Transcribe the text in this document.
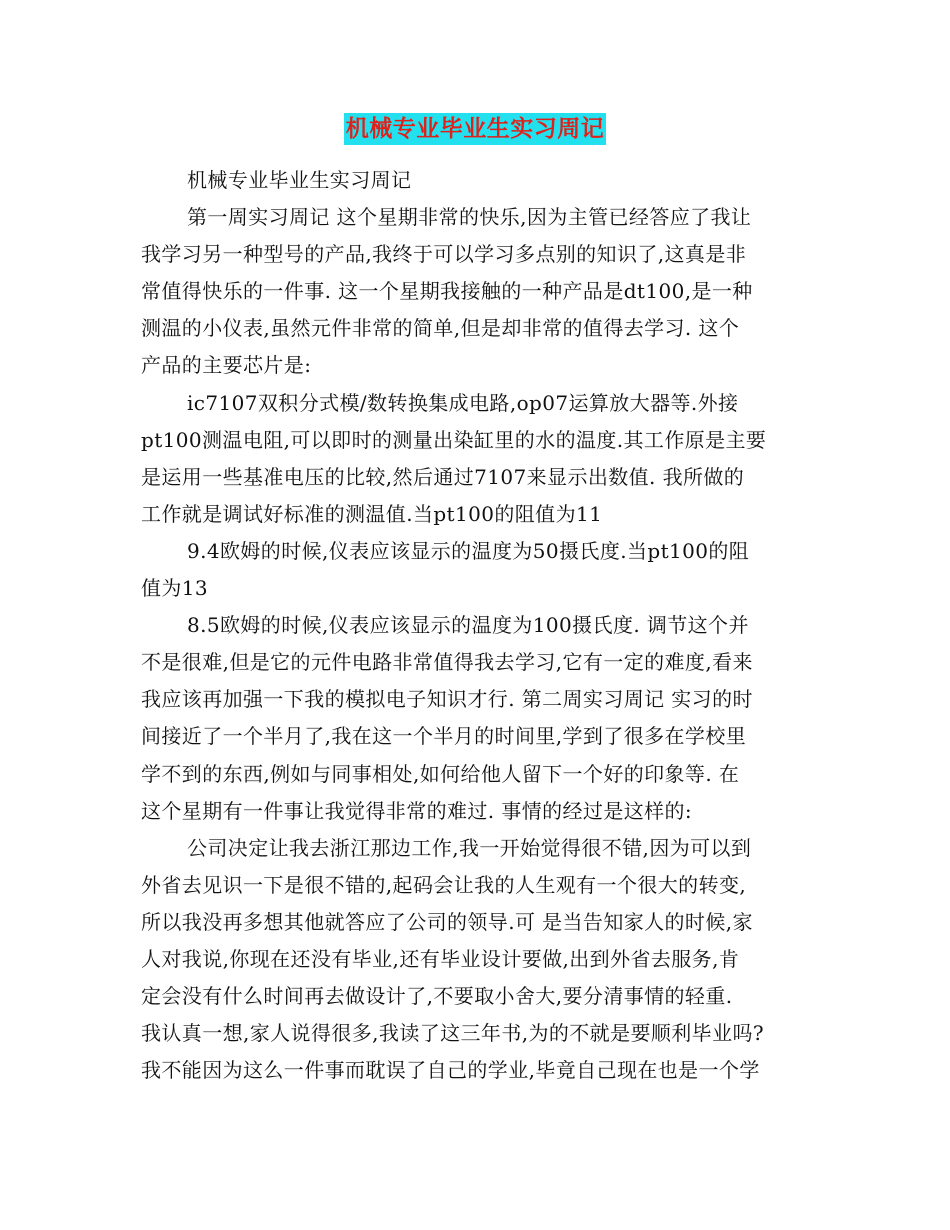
机械专业毕业生实习周记
机械专业毕业生实习周记
第一周实习周记 这个星期非常的快乐,因为主管已经答应了我让
我学习另一种型号的产品,我终于可以学习多点别的知识了,这真是非
常值得快乐的一件事. 这一个星期我接触的一种产品是dt100,是一种
测温的小仪表,虽然元件非常的简单,但是却非常的值得去学习. 这个
产品的主要芯片是:
ic7107双积分式模/数转换集成电路,op07运算放大器等.外接
pt100测温电阻,可以即时的测量出染缸里的水的温度.其工作原是主要
是运用一些基准电压的比较,然后通过7107来显示出数值. 我所做的
工作就是调试好标准的测温值.当pt100的阻值为11
9.4欧姆的时候,仪表应该显示的温度为50摄氏度.当pt100的阻
值为13
8.5欧姆的时候,仪表应该显示的温度为100摄氏度. 调节这个并
不是很难,但是它的元件电路非常值得我去学习,它有一定的难度,看来
我应该再加强一下我的模拟电子知识才行. 第二周实习周记 实习的时
间接近了一个半月了,我在这一个半月的时间里,学到了很多在学校里
学不到的东西,例如与同事相处,如何给他人留下一个好的印象等. 在
这个星期有一件事让我觉得非常的难过. 事情的经过是这样的:
公司决定让我去浙江那边工作,我一开始觉得很不错,因为可以到
外省去见识一下是很不错的,起码会让我的人生观有一个很大的转变,
所以我没再多想其他就答应了公司的领导.可 是当告知家人的时候,家
人对我说,你现在还没有毕业,还有毕业设计要做,出到外省去服务,肯
定会没有什么时间再去做设计了,不要取小舍大,要分清事情的轻重.
我认真一想,家人说得很多,我读了这三年书,为的不就是要顺利毕业吗?
我不能因为这么一件事而耽误了自己的学业,毕竟自己现在也是一个学
